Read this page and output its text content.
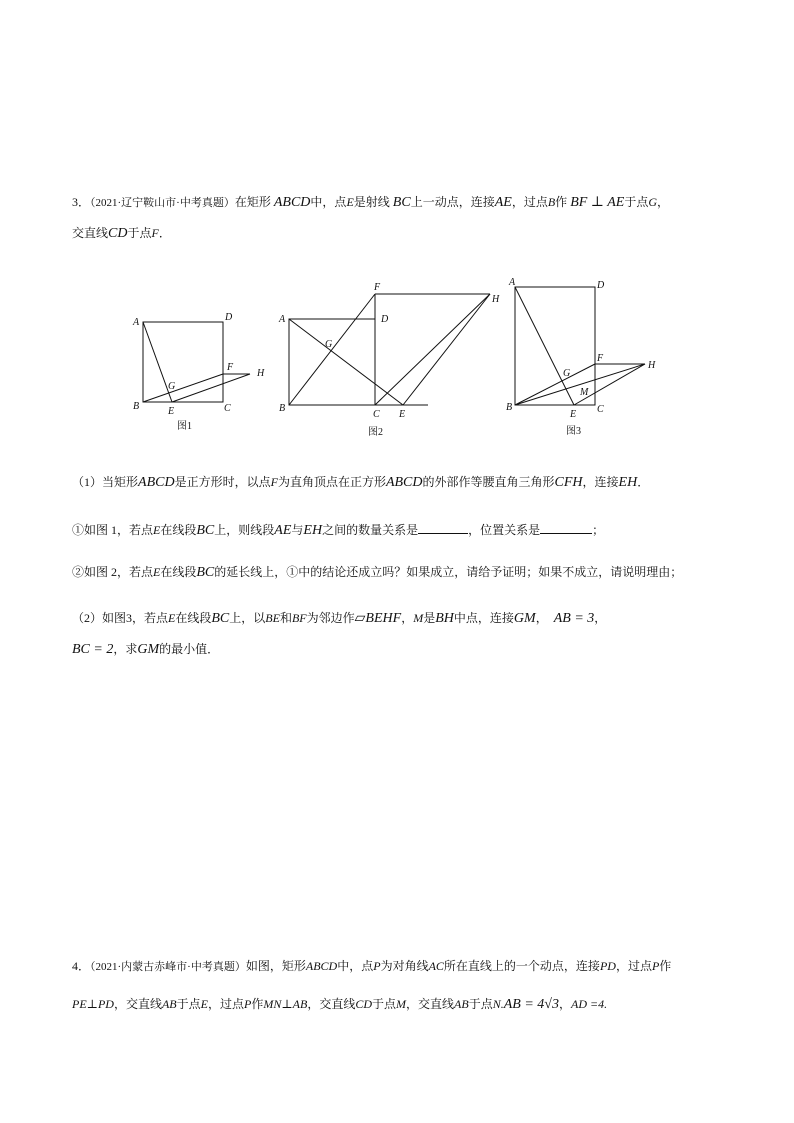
3．（2021·辽宁鞍山市·中考真题）在矩形 ABCD中，点E是射线 BC上一动点，连接AE，过点B作 BF ⊥ AE于点G，
交直线CD于点F．
A
B	C
D
E
F
G
H
A
B
C
D
E
F
G
H
A
B	C
D
E
F
G
H
M
图1
图2	图3
（1）当矩形ABCD是正方形时，以点F为直角顶点在正方形ABCD的外部作等腰直角三角形CFH，连接EH．
①如图 1，若点E在线段BC上，则线段AE与EH之间的数量关系是	，位置关系是	；
②如图 2，若点E在线段BC的延长线上，①中的结论还成立吗？如果成立，请给予证明；如果不成立，请说明理由；
（2）如图3，若点E在线段BC上，以BE和BF为邻边作▱BEHF，M是BH中点，连接GM， AB = 3，
BC = 2，求GM的最小值．
4．（2021·内蒙古赤峰市·中考真题）如图，矩形ABCD中，点P为对角线AC所在直线上的一个动点，连接PD，过点P作
PE⊥PD，交直线AB于点E，过点P作MN⊥AB，交直线CD于点M，交直线AB于点N.AB = 4√3，AD =4.
